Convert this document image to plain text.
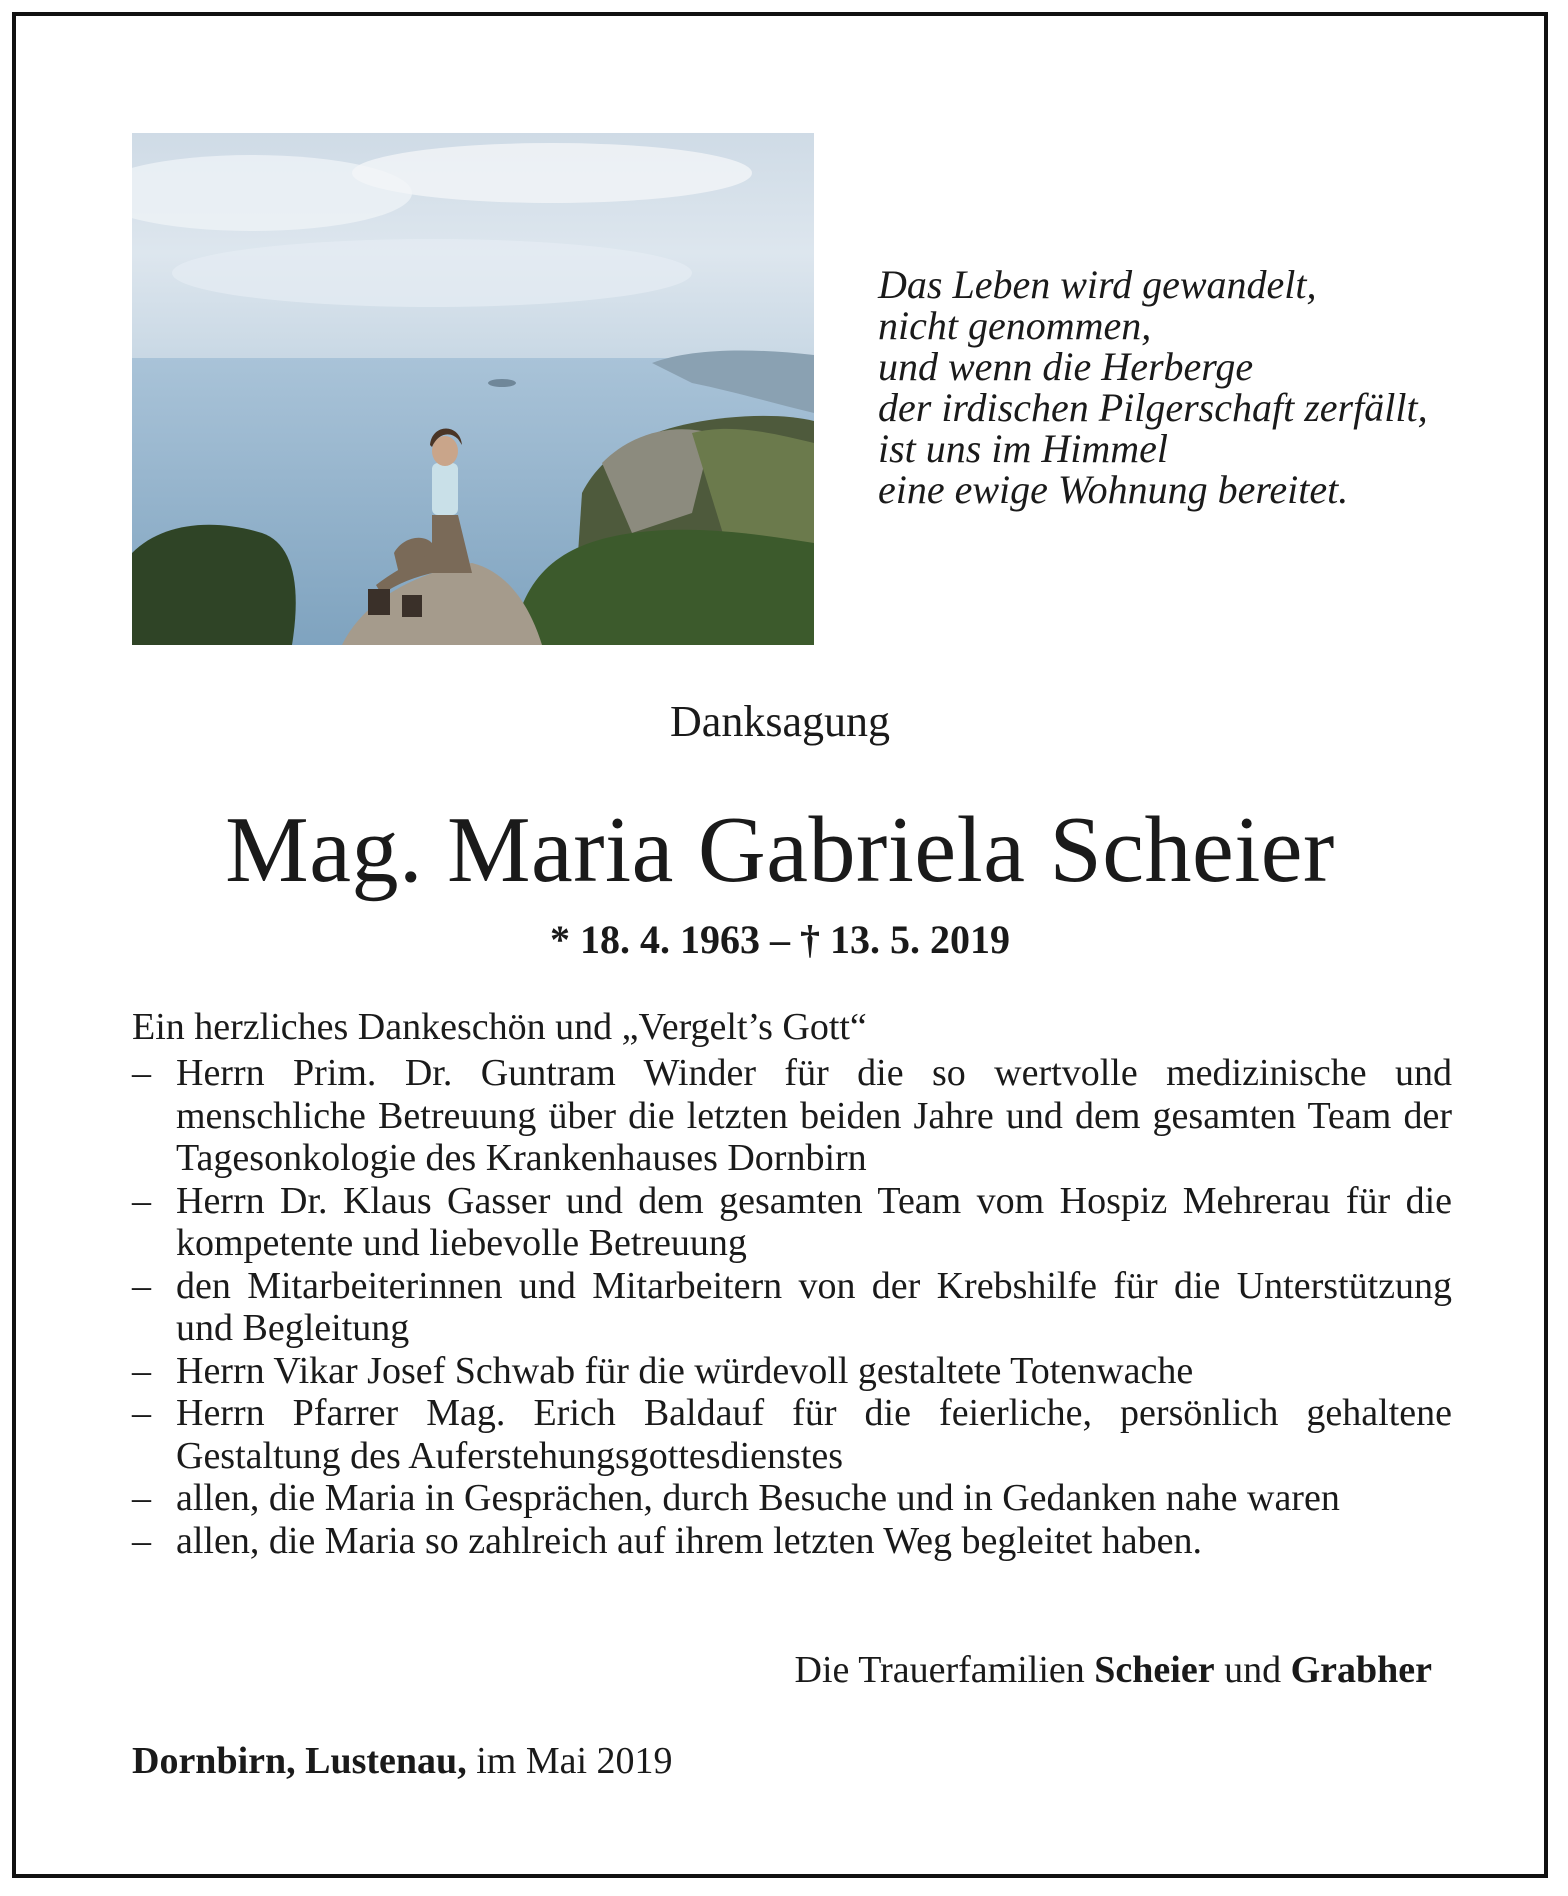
Das Leben wird gewandelt,
nicht genommen,
und wenn die Herberge
der irdischen Pilgerschaft zerfällt,
ist uns im Himmel
eine ewige Wohnung bereitet.
Danksagung
Mag. Maria Gabriela Scheier
* 18. 4. 1963 – † 13. 5. 2019
Ein herzliches Dankeschön und „Vergelt’s Gott“
– Herrn Prim. Dr. Guntram Winder für die so wertvolle medizinische und menschliche Betreuung über die letzten beiden Jahre und dem gesamten Team der Tagesonkologie des Krankenhauses Dornbirn
– Herrn Dr. Klaus Gasser und dem gesamten Team vom Hospiz Mehrerau für die kompetente und liebevolle Betreuung
– den Mitarbeiterinnen und Mitarbeitern von der Krebshilfe für die Unterstützung und Begleitung
– Herrn Vikar Josef Schwab für die würdevoll gestaltete Totenwache
– Herrn Pfarrer Mag. Erich Baldauf für die feierliche, persönlich gehaltene Gestaltung des Auferstehungsgottesdienstes
– allen, die Maria in Gesprächen, durch Besuche und in Gedanken nahe waren
– allen, die Maria so zahlreich auf ihrem letzten Weg begleitet haben.
Die Trauerfamilien Scheier und Grabher
Dornbirn, Lustenau, im Mai 2019
